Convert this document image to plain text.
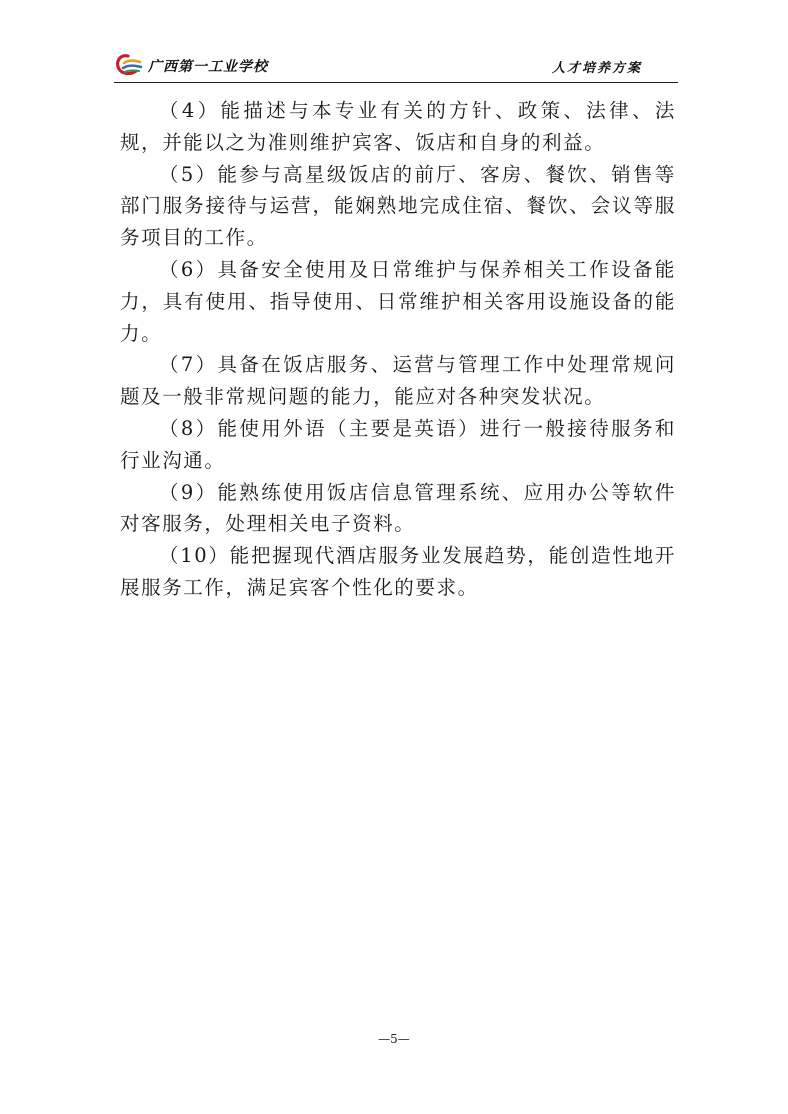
广西第一工业学校	人才培养方案

（4）能描述与本专业有关的方针、政策、法律、法规，并能以之为准则维护宾客、饭店和自身的利益。

（5）能参与高星级饭店的前厅、客房、餐饮、销售等部门服务接待与运营，能娴熟地完成住宿、餐饮、会议等服务项目的工作。

（6）具备安全使用及日常维护与保养相关工作设备能力，具有使用、指导使用、日常维护相关客用设施设备的能力。

（7）具备在饭店服务、运营与管理工作中处理常规问题及一般非常规问题的能力，能应对各种突发状况。

（8）能使用外语（主要是英语）进行一般接待服务和行业沟通。

（9）能熟练使用饭店信息管理系统、应用办公等软件对客服务，处理相关电子资料。

（10）能把握现代酒店服务业发展趋势，能创造性地开展服务工作，满足宾客个性化的要求。

—5—
